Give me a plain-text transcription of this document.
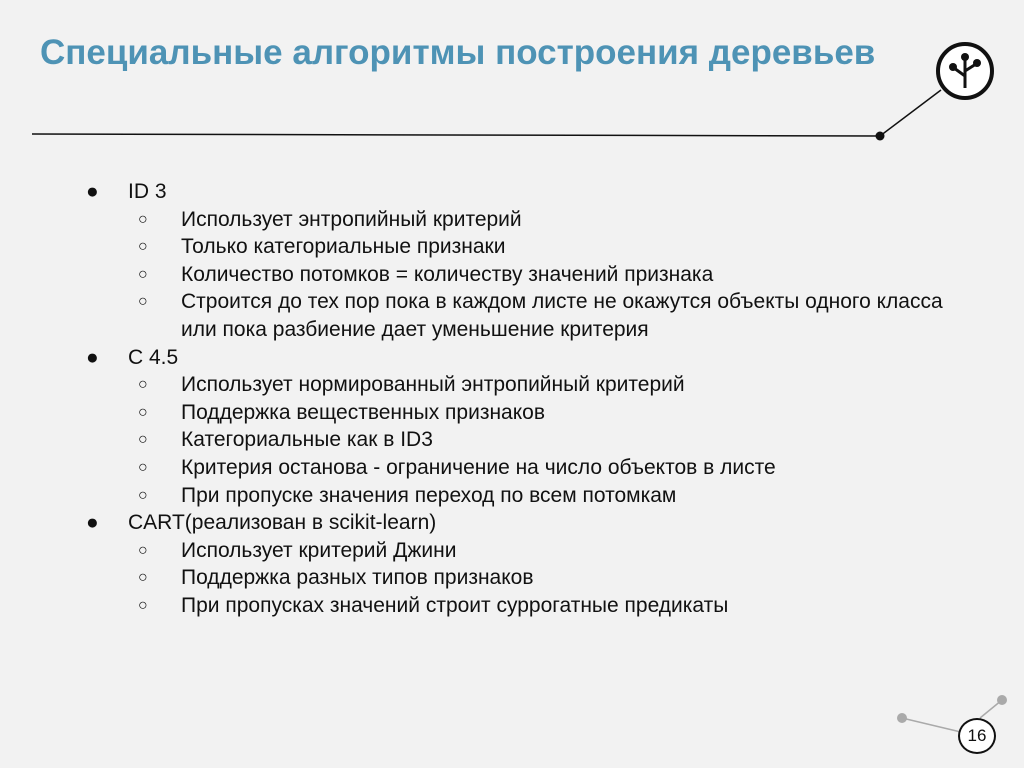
Специальные алгоритмы построения деревьев
● ID 3
○ Использует энтропийный критерий
○ Только категориальные признаки
○ Количество потомков = количеству значений признака
○ Строится до тех пор пока в каждом листе не окажутся объекты одного класса или пока разбиение дает уменьшение критерия
● C 4.5
○ Использует нормированный энтропийный критерий
○ Поддержка вещественных признаков
○ Категориальные как в ID3
○ Критерия останова - ограничение на число объектов в листе
○ При пропуске значения переход по всем потомкам
● CART(реализован в scikit-learn)
○ Использует критерий Джини
○ Поддержка разных типов признаков
○ При пропусках значений строит суррогатные предикаты
16
